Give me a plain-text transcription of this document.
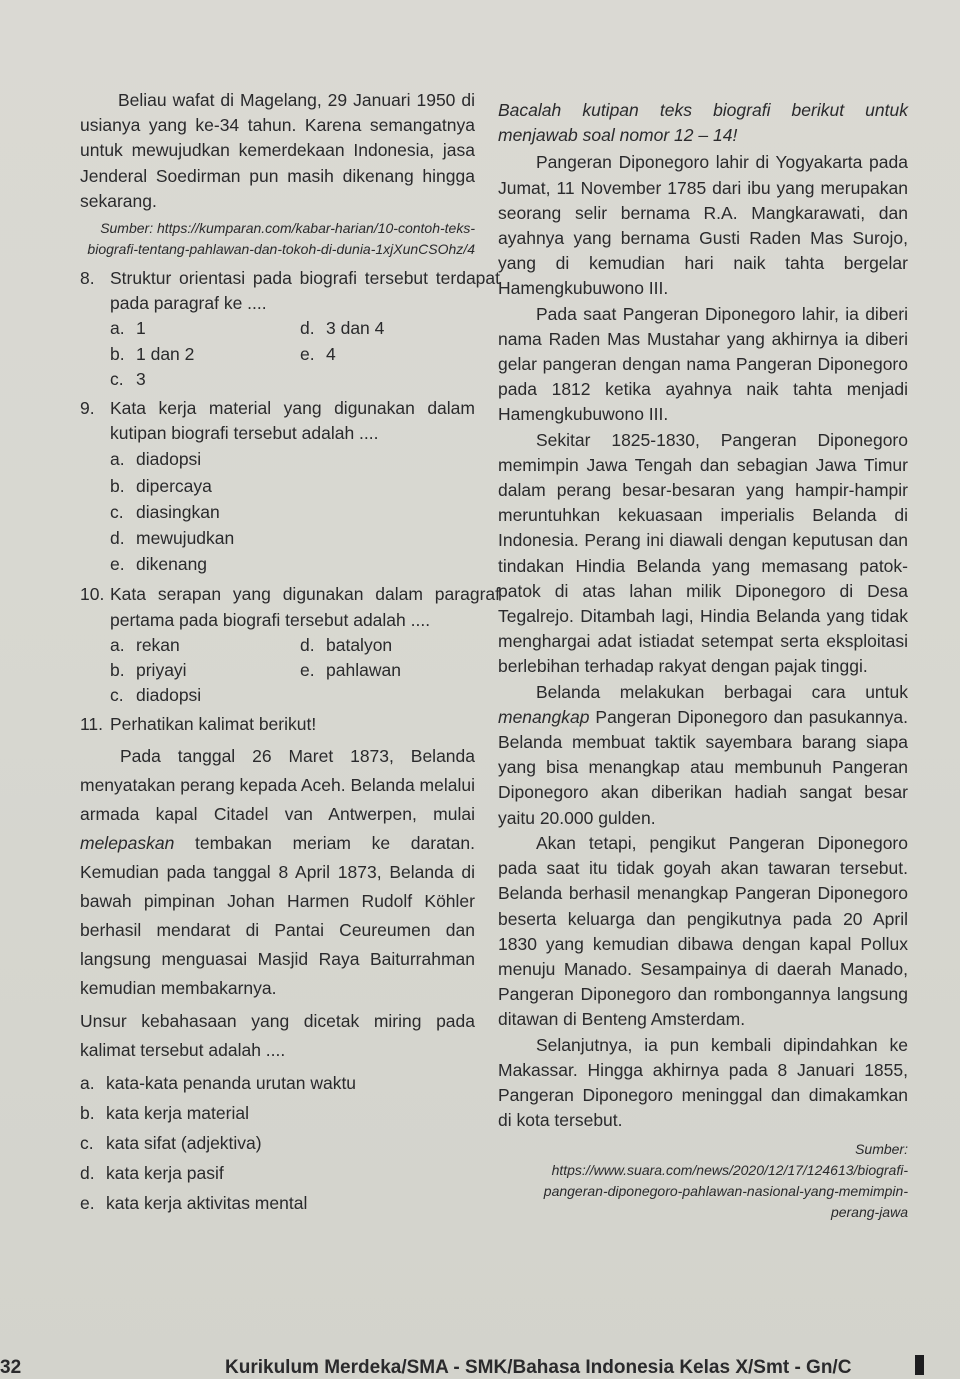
Beliau wafat di Magelang, 29 Januari 1950 di usianya yang ke-34 tahun. Karena semangatnya untuk mewujudkan kemerdekaan Indonesia, jasa Jenderal Soedirman pun masih dikenang hingga sekarang.
Sumber: https://kumparan.com/kabar-harian/10-contoh-teks-biografi-tentang-pahlawan-dan-tokoh-di-dunia-1xjXunCSOhz/4
8. Struktur orientasi pada biografi tersebut terdapat pada paragraf ke ....
a. 1	d. 3 dan 4
b. 1 dan 2	e. 4
c. 3
9. Kata kerja material yang digunakan dalam kutipan biografi tersebut adalah ....
a. diadopsi
b. dipercaya
c. diasingkan
d. mewujudkan
e. dikenang
10. Kata serapan yang digunakan dalam paragraf pertama pada biografi tersebut adalah ....
a. rekan	d. batalyon
b. priyayi	e. pahlawan
c. diadopsi
11. Perhatikan kalimat berikut!
Pada tanggal 26 Maret 1873, Belanda menyatakan perang kepada Aceh. Belanda melalui armada kapal Citadel van Antwerpen, mulai melepaskan tembakan meriam ke daratan. Kemudian pada tanggal 8 April 1873, Belanda di bawah pimpinan Johan Harmen Rudolf Köhler berhasil mendarat di Pantai Ceureumen dan langsung menguasai Masjid Raya Baiturrahman kemudian membakarnya.
Unsur kebahasaan yang dicetak miring pada kalimat tersebut adalah ....
a. kata-kata penanda urutan waktu
b. kata kerja material
c. kata sifat (adjektiva)
d. kata kerja pasif
e. kata kerja aktivitas mental
Bacalah kutipan teks biografi berikut untuk menjawab soal nomor 12 – 14!

Pangeran Diponegoro lahir di Yogyakarta pada Jumat, 11 November 1785 dari ibu yang merupakan seorang selir bernama R.A. Mangkarawati, dan ayahnya yang bernama Gusti Raden Mas Surojo, yang di kemudian hari naik tahta bergelar Hamengkubuwono III.

Pada saat Pangeran Diponegoro lahir, ia diberi nama Raden Mas Mustahar yang akhirnya ia diberi gelar pangeran dengan nama Pangeran Diponegoro pada 1812 ketika ayahnya naik tahta menjadi Hamengkubuwono III.

Sekitar 1825-1830, Pangeran Diponegoro memimpin Jawa Tengah dan sebagian Jawa Timur dalam perang besar-besaran yang hampir-hampir meruntuhkan kekuasaan imperialis Belanda di Indonesia. Perang ini diawali dengan keputusan dan tindakan Hindia Belanda yang memasang patok-patok di atas lahan milik Diponegoro di Desa Tegalrejo. Ditambah lagi, Hindia Belanda yang tidak menghargai adat istiadat setempat serta eksploitasi berlebihan terhadap rakyat dengan pajak tinggi.

Belanda melakukan berbagai cara untuk menangkap Pangeran Diponegoro dan pasukannya. Belanda membuat taktik sayembara barang siapa yang bisa menangkap atau membunuh Pangeran Diponegoro akan diberikan hadiah sangat besar yaitu 20.000 gulden.

Akan tetapi, pengikut Pangeran Diponegoro pada saat itu tidak goyah akan tawaran tersebut. Belanda berhasil menangkap Pangeran Diponegoro beserta keluarga dan pengikutnya pada 20 April 1830 yang kemudian dibawa dengan kapal Pollux menuju Manado. Sesampainya di daerah Manado, Pangeran Diponegoro dan rombongannya langsung ditawan di Benteng Amsterdam.

Selanjutnya, ia pun kembali dipindahkan ke Makassar. Hingga akhirnya pada 8 Januari 1855, Pangeran Diponegoro meninggal dan dimakamkan di kota tersebut.

Sumber: https://www.suara.com/news/2020/12/17/124613/biografi-pangeran-diponegoro-pahlawan-nasional-yang-memimpin-perang-jawa
32	Kurikulum Merdeka/SMA - SMK/Bahasa Indonesia Kelas X/Smt - Gn/C
